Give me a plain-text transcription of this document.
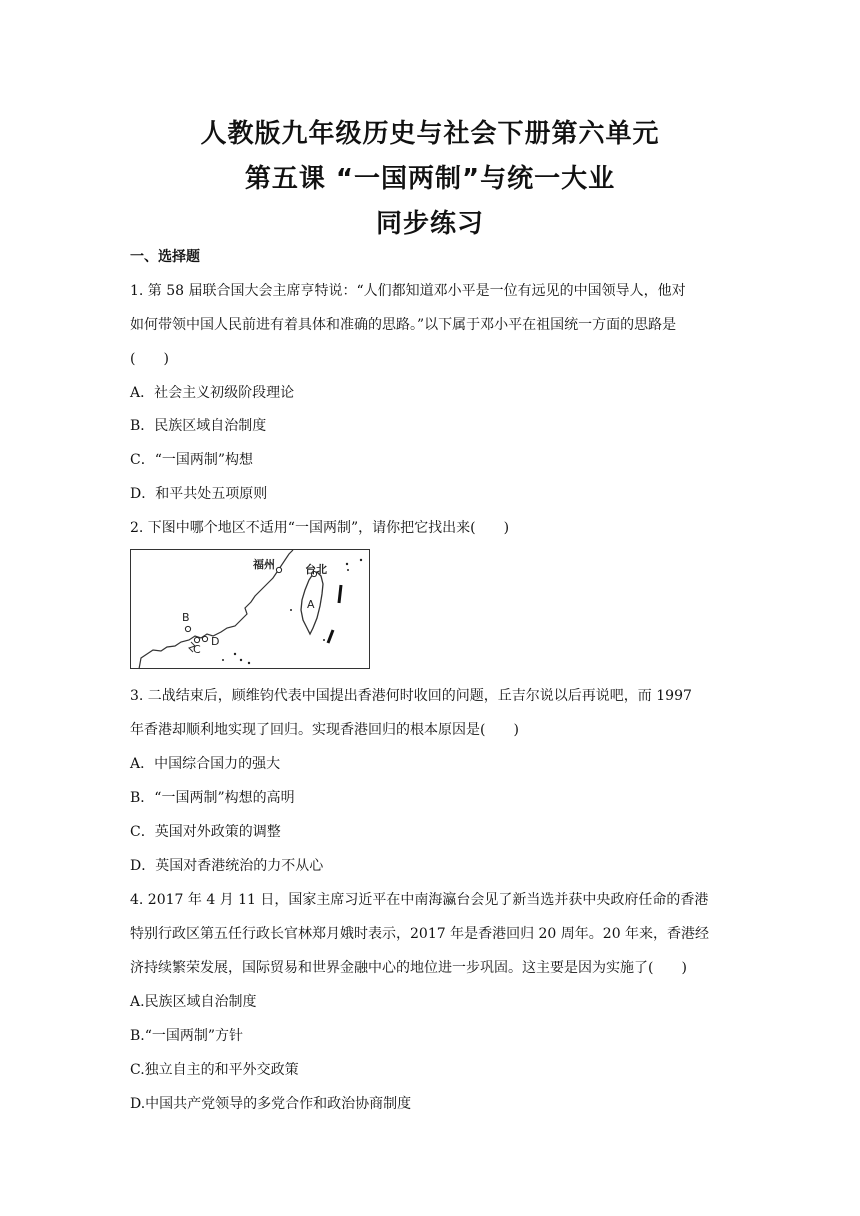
人教版九年级历史与社会下册第六单元
第五课 “一国两制”与统一大业
同步练习
一、选择题
1. 第 58 届联合国大会主席亨特说：“人们都知道邓小平是一位有远见的中国领导人，他对
如何带领中国人民前进有着具体和准确的思路。”以下属于邓小平在祖国统一方面的思路是
(　　)
A．社会主义初级阶段理论
B．民族区域自治制度
C．“一国两制”构想
D．和平共处五项原则
2. 下图中哪个地区不适用“一国两制”，请你把它找出来(　　)
福州	台北
A
B
C
D
3. 二战结束后，顾维钧代表中国提出香港何时收回的问题，丘吉尔说以后再说吧，而 1997
年香港却顺利地实现了回归。实现香港回归的根本原因是(　　)
A．中国综合国力的强大
B．“一国两制”构想的高明
C．英国对外政策的调整
D．英国对香港统治的力不从心
4. 2017 年 4 月 11 日，国家主席习近平在中南海瀛台会见了新当选并获中央政府任命的香港
特别行政区第五任行政长官林郑月娥时表示，2017 年是香港回归 20 周年。20 年来，香港经
济持续繁荣发展，国际贸易和世界金融中心的地位进一步巩固。这主要是因为实施了(　　)
A.民族区域自治制度
B.“一国两制”方针
C.独立自主的和平外交政策
D.中国共产党领导的多党合作和政治协商制度
